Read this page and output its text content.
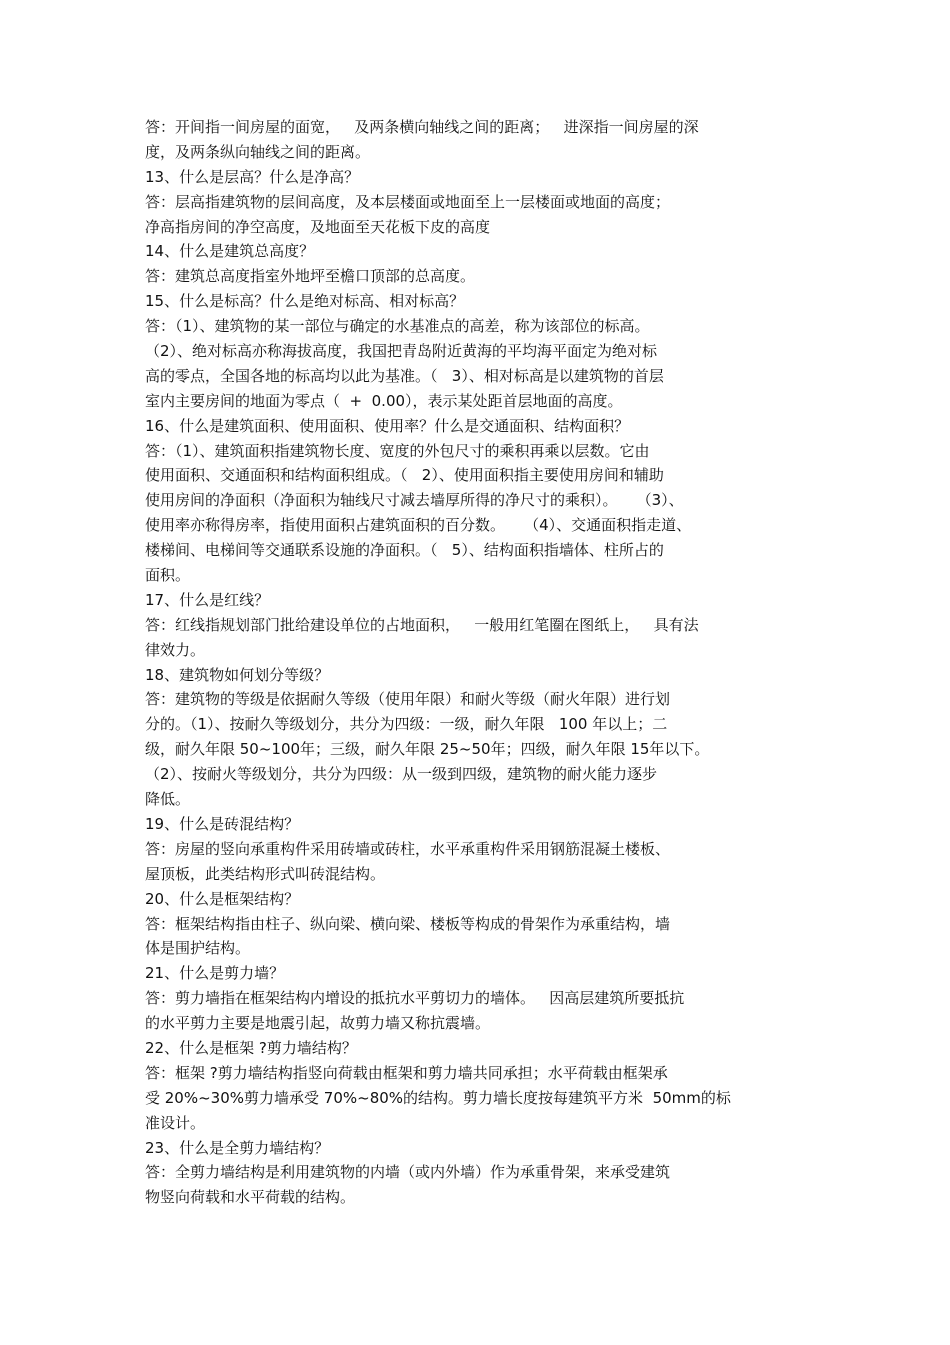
答：开间指一间房屋的面宽，   及两条横向轴线之间的距离；   进深指一间房屋的深
度，及两条纵向轴线之间的距离。
13、什么是层高？什么是净高？
答：层高指建筑物的层间高度，及本层楼面或地面至上一层楼面或地面的高度；
净高指房间的净空高度，及地面至天花板下皮的高度
14、什么是建筑总高度？
答：建筑总高度指室外地坪至檐口顶部的总高度。
15、什么是标高？什么是绝对标高、相对标高？
答：（1）、建筑物的某一部位与确定的水基准点的高差，称为该部位的标高。
（2）、绝对标高亦称海拔高度，我国把青岛附近黄海的平均海平面定为绝对标
高的零点，全国各地的标高均以此为基准。（   3）、相对标高是以建筑物的首层
室内主要房间的地面为零点（  +  0.00），表示某处距首层地面的高度。
16、什么是建筑面积、使用面积、使用率？什么是交通面积、结构面积？
答：（1）、建筑面积指建筑物长度、宽度的外包尺寸的乘积再乘以层数。它由
使用面积、交通面积和结构面积组成。（   2）、使用面积指主要使用房间和辅助
使用房间的净面积（净面积为轴线尺寸减去墙厚所得的净尺寸的乘积）。    （3）、
使用率亦称得房率，指使用面积占建筑面积的百分数。    （4）、交通面积指走道、
楼梯间、电梯间等交通联系设施的净面积。（   5）、结构面积指墙体、柱所占的
面积。
17、什么是红线？
答：红线指规划部门批给建设单位的占地面积，   一般用红笔圈在图纸上，   具有法
律效力。
18、建筑物如何划分等级？
答：建筑物的等级是依据耐久等级（使用年限）和耐火等级（耐火年限）进行划
分的。（1）、按耐久等级划分，共分为四级：一级，耐久年限   100 年以上；二
级，耐久年限 50~100年；三级，耐久年限 25~50年；四级，耐久年限 15年以下。
（2）、按耐火等级划分，共分为四级：从一级到四级，建筑物的耐火能力逐步
降低。
19、什么是砖混结构？
答：房屋的竖向承重构件采用砖墙或砖柱，水平承重构件采用钢筋混凝土楼板、
屋顶板，此类结构形式叫砖混结构。
20、什么是框架结构？
答：框架结构指由柱子、纵向梁、横向梁、楼板等构成的骨架作为承重结构，墙
体是围护结构。
21、什么是剪力墙？
答：剪力墙指在框架结构内增设的抵抗水平剪切力的墙体。   因高层建筑所要抵抗
的水平剪力主要是地震引起，故剪力墙又称抗震墙。
22、什么是框架 ?剪力墙结构？
答：框架 ?剪力墙结构指竖向荷载由框架和剪力墙共同承担；水平荷载由框架承
受 20%~30%剪力墙承受 70%~80%的结构。剪力墙长度按每建筑平方米  50mm的标
准设计。
23、什么是全剪力墙结构？
答：全剪力墙结构是利用建筑物的内墙（或内外墙）作为承重骨架，来承受建筑
物竖向荷载和水平荷载的结构。
